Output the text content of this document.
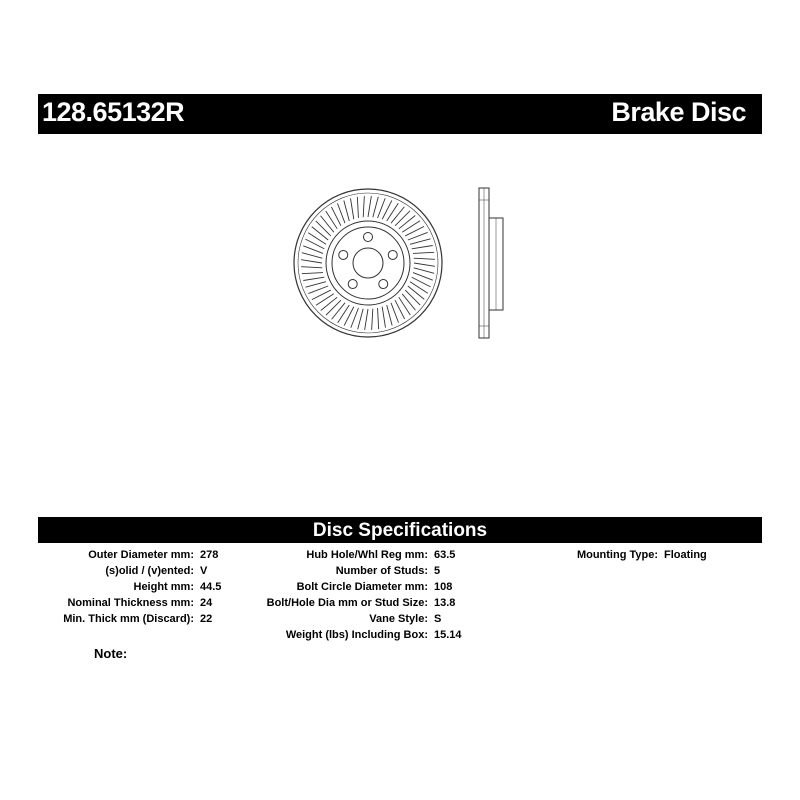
128.65132R	Brake Disc
Disc Specifications
Outer Diameter mm: 278
(s)olid / (v)ented: V
Height mm: 44.5
Nominal Thickness mm: 24
Min. Thick mm (Discard): 22
Hub Hole/Whl Reg mm: 63.5
Number of Studs: 5
Bolt Circle Diameter mm: 108
Bolt/Hole Dia mm or Stud Size: 13.8
Vane Style: S
Weight (lbs) Including Box: 15.14
Mounting Type: Floating
Note:
